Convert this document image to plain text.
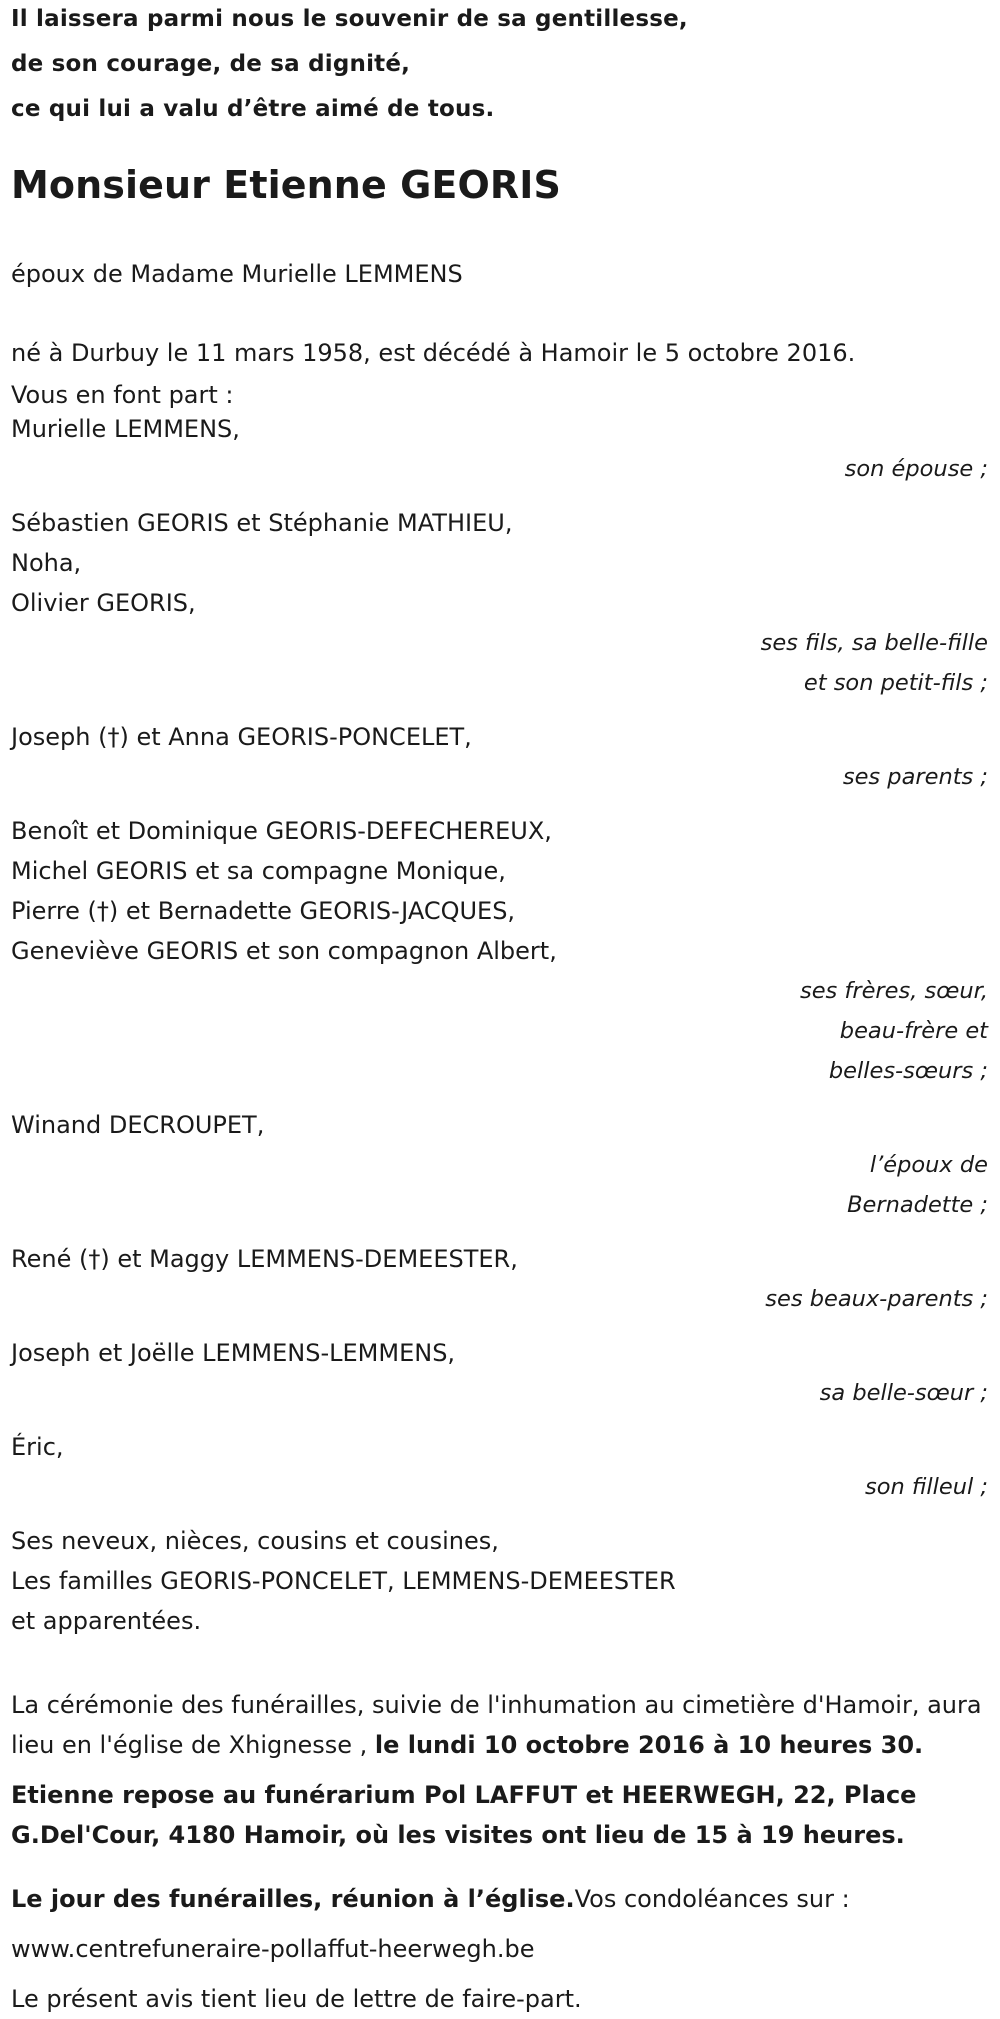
Il laissera parmi nous le souvenir de sa gentillesse,

de son courage, de sa dignité,

ce qui lui a valu d’être aimé de tous.

Monsieur Etienne GEORIS

époux de Madame Murielle LEMMENS

né à Durbuy le 11 mars 1958, est décédé à Hamoir le 5 octobre 2016.

Vous en font part :

Murielle LEMMENS,

son épouse ;

Sébastien GEORIS et Stéphanie MATHIEU,

Noha,

Olivier GEORIS,

ses fils, sa belle-fille
et son petit-fils ;

Joseph (†) et Anna GEORIS-PONCELET,

ses parents ;

Benoît et Dominique GEORIS-DEFECHEREUX,

Michel GEORIS et sa compagne Monique,

Pierre (†) et Bernadette GEORIS-JACQUES,

Geneviève GEORIS et son compagnon Albert,

ses frères, sœur,
beau-frère et
belles-sœurs ;

Winand DECROUPET,

l’époux de
Bernadette ;

René (†) et Maggy LEMMENS-DEMEESTER,

ses beaux-parents ;

Joseph et Joëlle LEMMENS-LEMMENS,

sa belle-sœur ;

Éric,

son filleul ;

Ses neveux, nièces, cousins et cousines,

Les familles GEORIS-PONCELET, LEMMENS-DEMEESTER

et apparentées.

La cérémonie des funérailles, suivie de l'inhumation au cimetière d'Hamoir, aura lieu en l'église de Xhignesse , le lundi 10 octobre 2016 à 10 heures 30.

Etienne repose au funérarium Pol LAFFUT et HEERWEGH, 22, Place G.Del'Cour, 4180 Hamoir, où les visites ont lieu de 15 à 19 heures.

Le jour des funérailles, réunion à l’église.Vos condoléances sur :

www.centrefuneraire-pollaffut-heerwegh.be

Le présent avis tient lieu de lettre de faire-part.
